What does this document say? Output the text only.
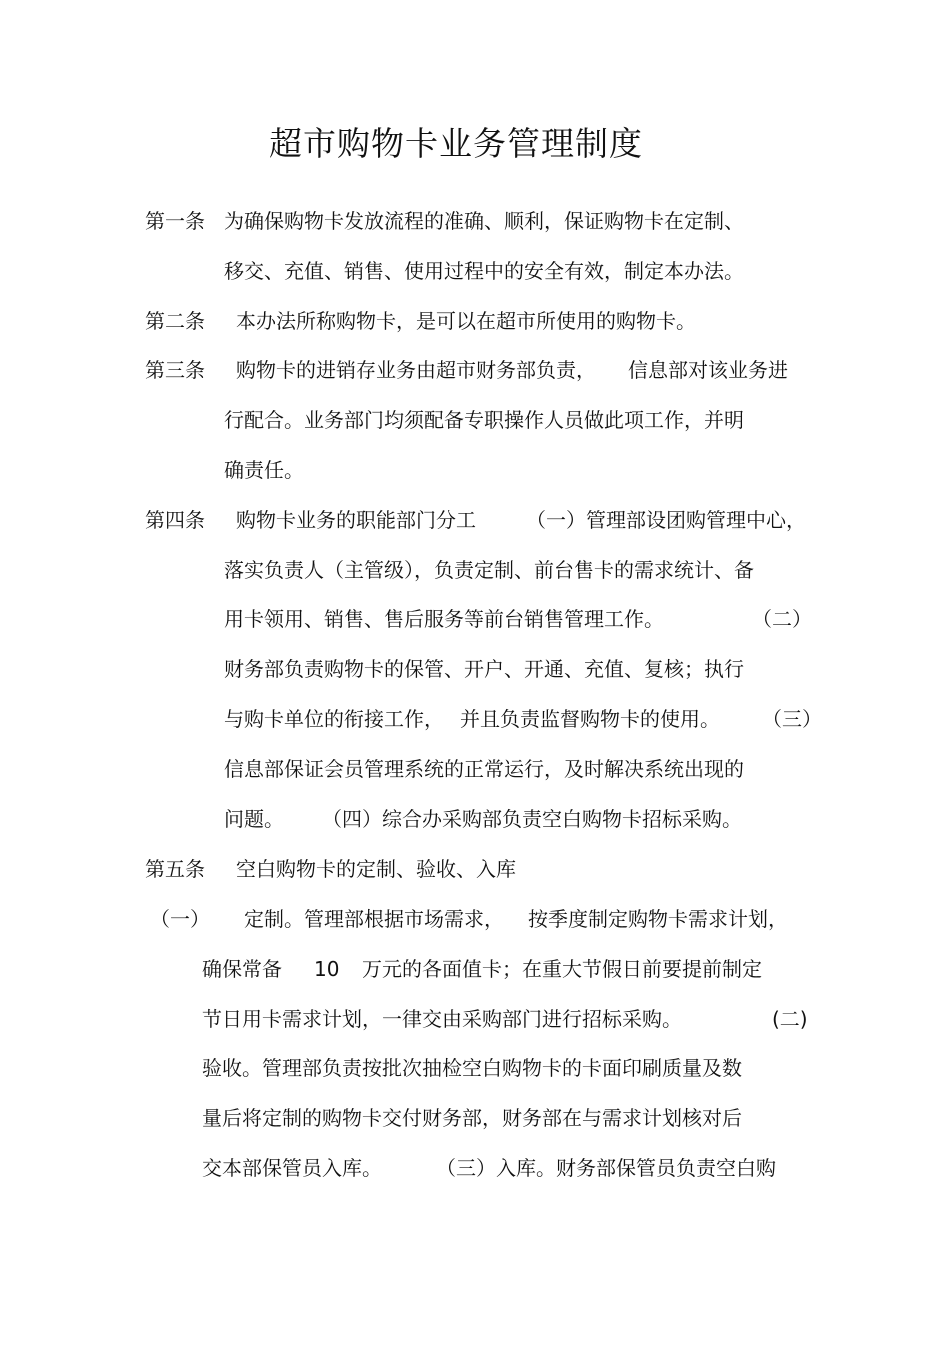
超市购物卡业务管理制度
第一条 为确保购物卡发放流程的准确、顺利，保证购物卡在定制、
移交、充值、销售、使用过程中的安全有效，制定本办法。
第二条 本办法所称购物卡，是可以在超市所使用的购物卡。
第三条 购物卡的进销存业务由超市财务部负责， 信息部对该业务进
行配合。业务部门均须配备专职操作人员做此项工作，并明
确责任。
第四条 购物卡业务的职能部门分工	（一）管理部设团购管理中心，
落实负责人（主管级），负责定制、前台售卡的需求统计、备
用卡领用、销售、售后服务等前台销售管理工作。	（二）
财务部负责购物卡的保管、开户、开通、充值、复核；执行
与购卡单位的衔接工作， 并且负责监督购物卡的使用。 （三）
信息部保证会员管理系统的正常运行，及时解决系统出现的
问题。 （四）综合办采购部负责空白购物卡招标采购。
第五条 空白购物卡的定制、验收、入库
（一） 定制。管理部根据市场需求， 按季度制定购物卡需求计划，
确保常备 10 万元的各面值卡；在重大节假日前要提前制定
节日用卡需求计划，一律交由采购部门进行招标采购。	(二)
验收。管理部负责按批次抽检空白购物卡的卡面印刷质量及数
量后将定制的购物卡交付财务部，财务部在与需求计划核对后
交本部保管员入库。	（三）入库。财务部保管员负责空白购
